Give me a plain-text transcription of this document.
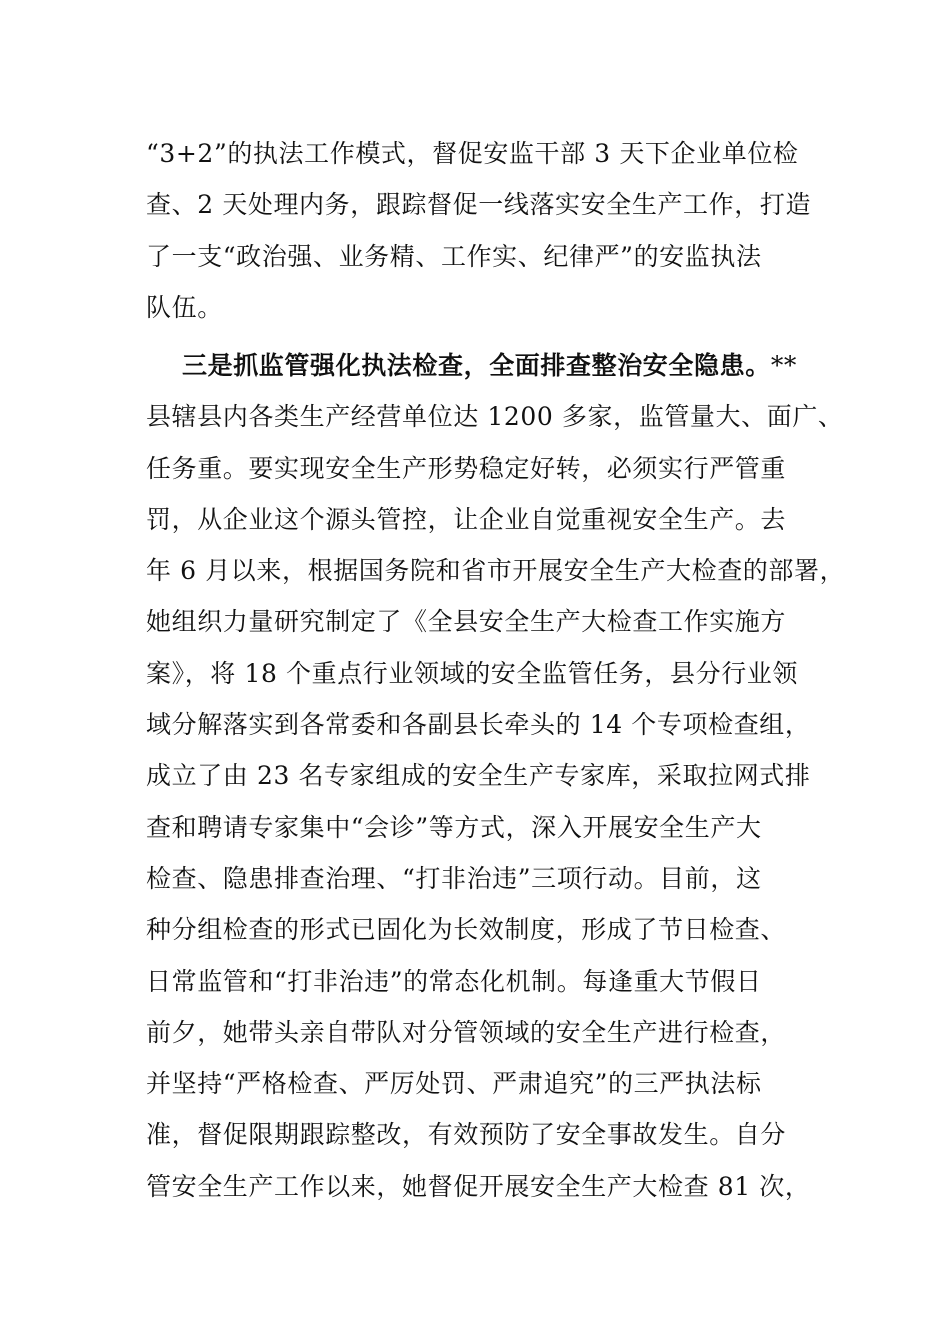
“3+2”的执法工作模式，督促安监干部 3 天下企业单位检
查、2 天处理内务，跟踪督促一线落实安全生产工作，打造
了一支“政治强、业务精、工作实、纪律严”的安监执法
队伍。
三是抓监管强化执法检查，全面排查整治安全隐患。**
县辖县内各类生产经营单位达 1200 多家，监管量大、面广、
任务重。要实现安全生产形势稳定好转，必须实行严管重
罚，从企业这个源头管控，让企业自觉重视安全生产。去
年 6 月以来，根据国务院和省市开展安全生产大检查的部署，
她组织力量研究制定了《全县安全生产大检查工作实施方
案》，将 18 个重点行业领域的安全监管任务，县分行业领
域分解落实到各常委和各副县长牵头的 14 个专项检查组，
成立了由 23 名专家组成的安全生产专家库，采取拉网式排
查和聘请专家集中“会诊”等方式，深入开展安全生产大
检查、隐患排查治理、“打非治违”三项行动。目前，这
种分组检查的形式已固化为长效制度，形成了节日检查、
日常监管和“打非治违”的常态化机制。每逢重大节假日
前夕，她带头亲自带队对分管领域的安全生产进行检查，
并坚持“严格检查、严厉处罚、严肃追究”的三严执法标
准，督促限期跟踪整改，有效预防了安全事故发生。自分
管安全生产工作以来，她督促开展安全生产大检查 81 次，
